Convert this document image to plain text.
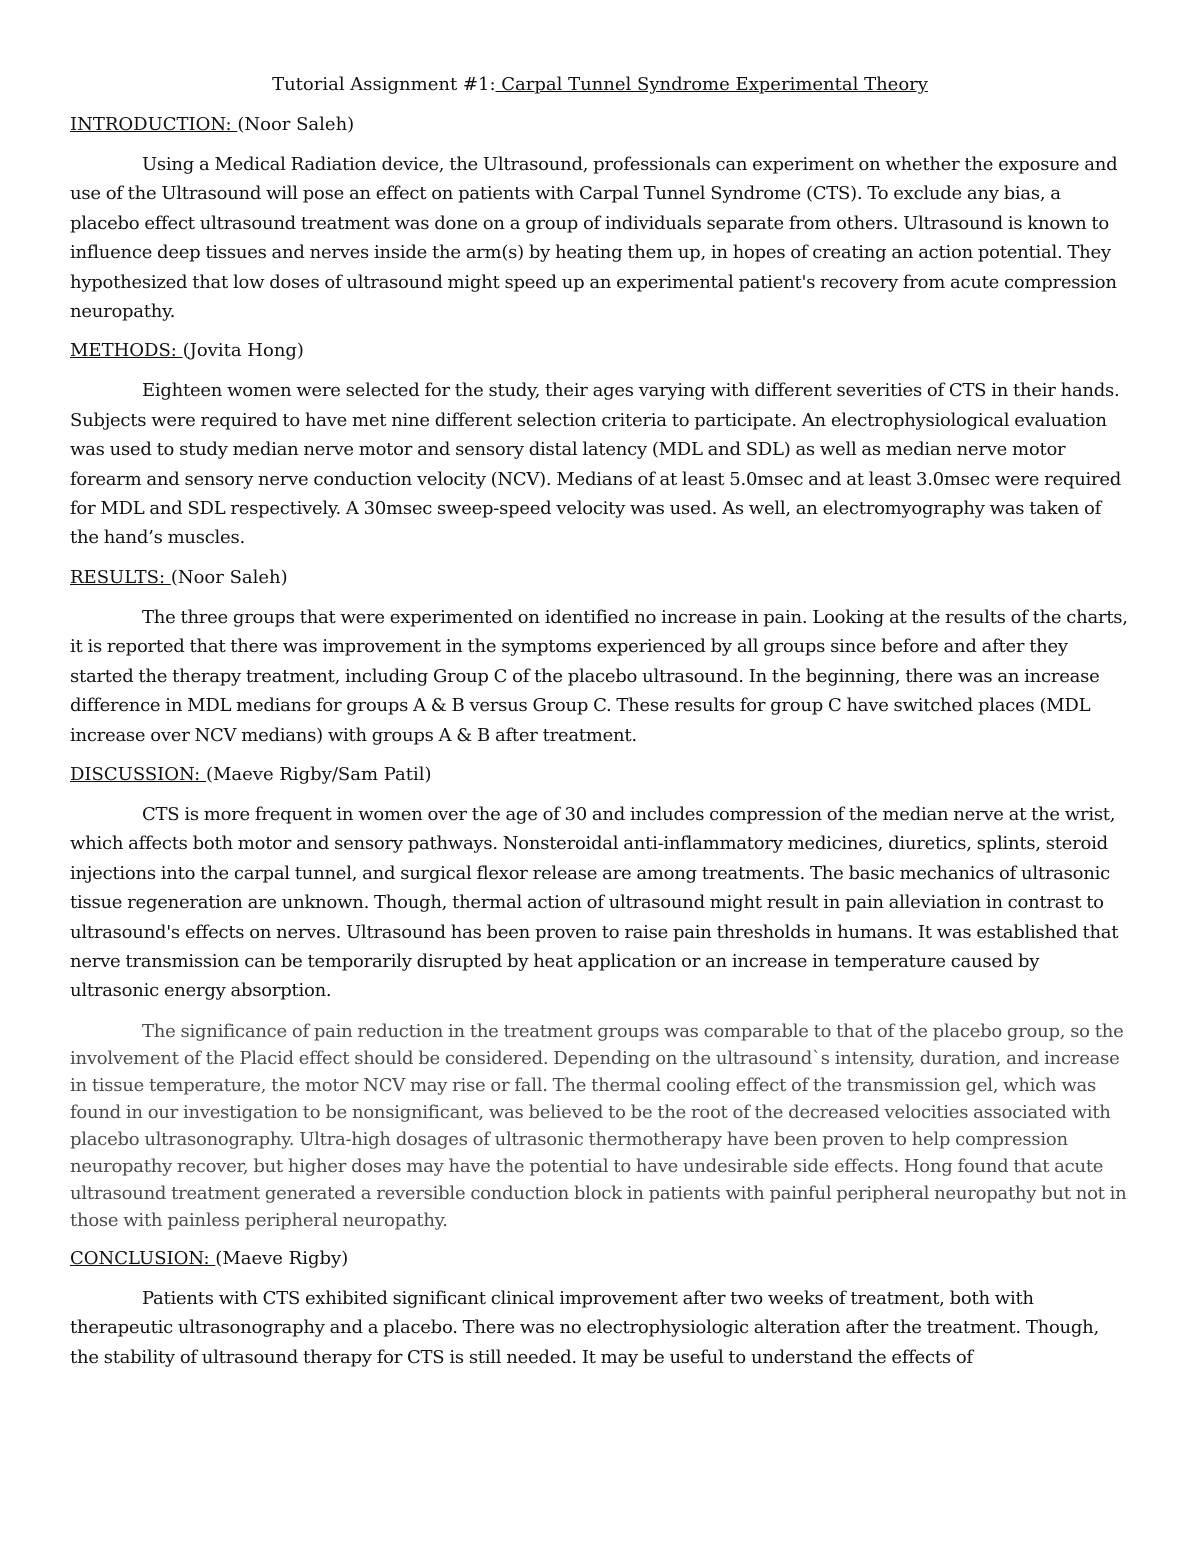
Tutorial Assignment #1: Carpal Tunnel Syndrome Experimental Theory
INTRODUCTION: (Noor Saleh)

Using a Medical Radiation device, the Ultrasound, professionals can experiment on whether the exposure and use of the Ultrasound will pose an effect on patients with Carpal Tunnel Syndrome (CTS). To exclude any bias, a placebo effect ultrasound treatment was done on a group of individuals separate from others. Ultrasound is known to influence deep tissues and nerves inside the arm(s) by heating them up, in hopes of creating an action potential. They hypothesized that low doses of ultrasound might speed up an experimental patient's recovery from acute compression neuropathy.

METHODS: (Jovita Hong)

Eighteen women were selected for the study, their ages varying with different severities of CTS in their hands. Subjects were required to have met nine different selection criteria to participate. An electrophysiological evaluation was used to study median nerve motor and sensory distal latency (MDL and SDL) as well as median nerve motor forearm and sensory nerve conduction velocity (NCV). Medians of at least 5.0msec and at least 3.0msec were required for MDL and SDL respectively. A 30msec sweep-speed velocity was used. As well, an electromyography was taken of the hand’s muscles.

RESULTS: (Noor Saleh)

The three groups that were experimented on identified no increase in pain. Looking at the results of the charts, it is reported that there was improvement in the symptoms experienced by all groups since before and after they started the therapy treatment, including Group C of the placebo ultrasound. In the beginning, there was an increase difference in MDL medians for groups A & B versus Group C. These results for group C have switched places (MDL increase over NCV medians) with groups A & B after treatment.

DISCUSSION: (Maeve Rigby/Sam Patil)

CTS is more frequent in women over the age of 30 and includes compression of the median nerve at the wrist, which affects both motor and sensory pathways. Nonsteroidal anti-inflammatory medicines, diuretics, splints, steroid injections into the carpal tunnel, and surgical flexor release are among treatments. The basic mechanics of ultrasonic tissue regeneration are unknown. Though, thermal action of ultrasound might result in pain alleviation in contrast to ultrasound's effects on nerves. Ultrasound has been proven to raise pain thresholds in humans. It was established that nerve transmission can be temporarily disrupted by heat application or an increase in temperature caused by ultrasonic energy absorption.

The significance of pain reduction in the treatment groups was comparable to that of the placebo group, so the involvement of the Placid effect should be considered. Depending on the ultrasound`s intensity, duration, and increase in tissue temperature, the motor NCV may rise or fall. The thermal cooling effect of the transmission gel, which was found in our investigation to be nonsignificant, was believed to be the root of the decreased velocities associated with placebo ultrasonography. Ultra-high dosages of ultrasonic thermotherapy have been proven to help compression neuropathy recover, but higher doses may have the potential to have undesirable side effects. Hong found that acute ultrasound treatment generated a reversible conduction block in patients with painful peripheral neuropathy but not in those with painless peripheral neuropathy.

CONCLUSION: (Maeve Rigby)

Patients with CTS exhibited significant clinical improvement after two weeks of treatment, both with therapeutic ultrasonography and a placebo. There was no electrophysiologic alteration after the treatment. Though, the stability of ultrasound therapy for CTS is still needed. It may be useful to understand the effects of
